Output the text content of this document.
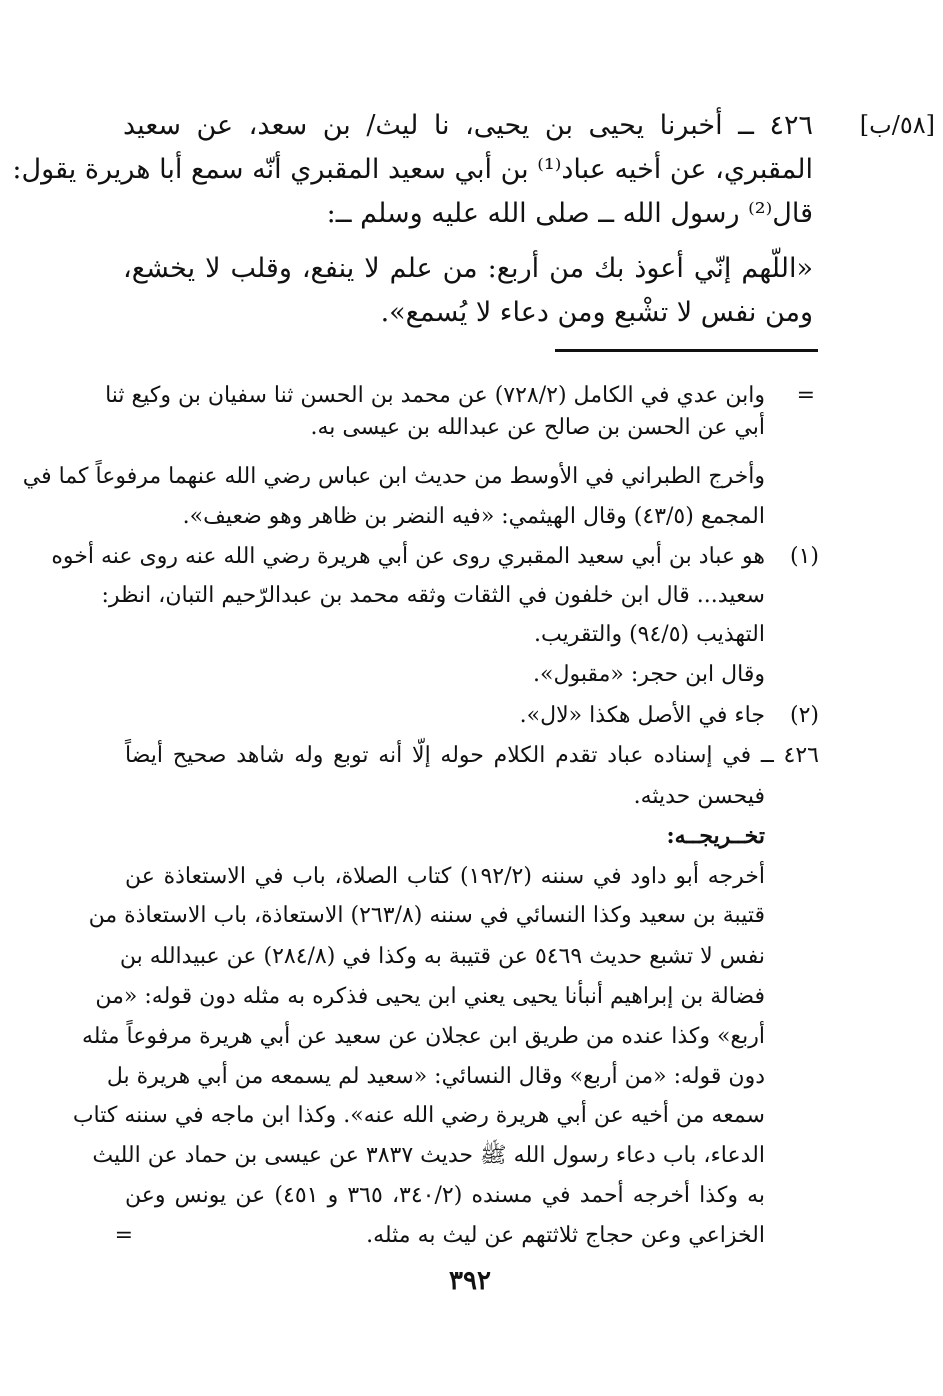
[٥٨/ب]
٤٢٦ ــ أخبرنا يحيى بن يحيى، نا ليث/ بن سعد، عن سعيد
المقبري، عن أخيه عباد⁽¹⁾ بن أبي سعيد المقبري أنّه سمع أبا هريرة يقول:
قال⁽²⁾ رسول الله ــ صلى الله عليه وسلم ــ:
«اللّهم إنّي أعوذ بك من أربع: من علم لا ينفع، وقلب لا يخشع،
ومن نفس لا تشْبع ومن دعاء لا يُسمع».
=
وابن عدي في الكامل (٧٢٨/٢) عن محمد بن الحسن ثنا سفيان بن وكيع ثنا
أبي عن الحسن بن صالح عن عبدالله بن عيسى به.
وأخرج الطبراني في الأوسط من حديث ابن عباس رضي الله عنهما مرفوعاً كما في
المجمع (٤٣/٥) وقال الهيثمي: «فيه النضر بن ظاهر وهو ضعيف».
(١)
هو عباد بن أبي سعيد المقبري روى عن أبي هريرة رضي الله عنه روى عنه أخوه
سعيد... قال ابن خلفون في الثقات وثقه محمد بن عبدالرّحيم التبان، انظر:
التهذيب (٩٤/٥) والتقريب.
وقال ابن حجر: «مقبول».
(٢)
جاء في الأصل هكذا «لال».
٤٢٦ ــ في إسناده عباد تقدم الكلام حوله إلّا أنه توبع وله شاهد صحيح أيضاً
فيحسن حديثه.
تخــريجــه:
أخرجه أبو داود في سننه (١٩٢/٢) كتاب الصلاة، باب في الاستعاذة عن
قتيبة بن سعيد وكذا النسائي في سننه (٢٦٣/٨) الاستعاذة، باب الاستعاذة من
نفس لا تشبع حديث ٥٤٦٩ عن قتيبة به وكذا في (٢٨٤/٨) عن عبيدالله بن
فضالة بن إبراهيم أنبأنا يحيى يعني ابن يحيى فذكره به مثله دون قوله: «من
أربع» وكذا عنده من طريق ابن عجلان عن سعيد عن أبي هريرة مرفوعاً مثله
دون قوله: «من أربع» وقال النسائي: «سعيد لم يسمعه من أبي هريرة بل
سمعه من أخيه عن أبي هريرة رضي الله عنه». وكذا ابن ماجه في سننه كتاب
الدعاء، باب دعاء رسول الله ﷺ حديث ٣٨٣٧ عن عيسى بن حماد عن الليث
به وكذا أخرجه أحمد في مسنده (٣٤٠/٢، ٣٦٥ و ٤٥١) عن يونس وعن
الخزاعي وعن حجاج ثلاثتهم عن ليث به مثله.
=
٣٩٢
